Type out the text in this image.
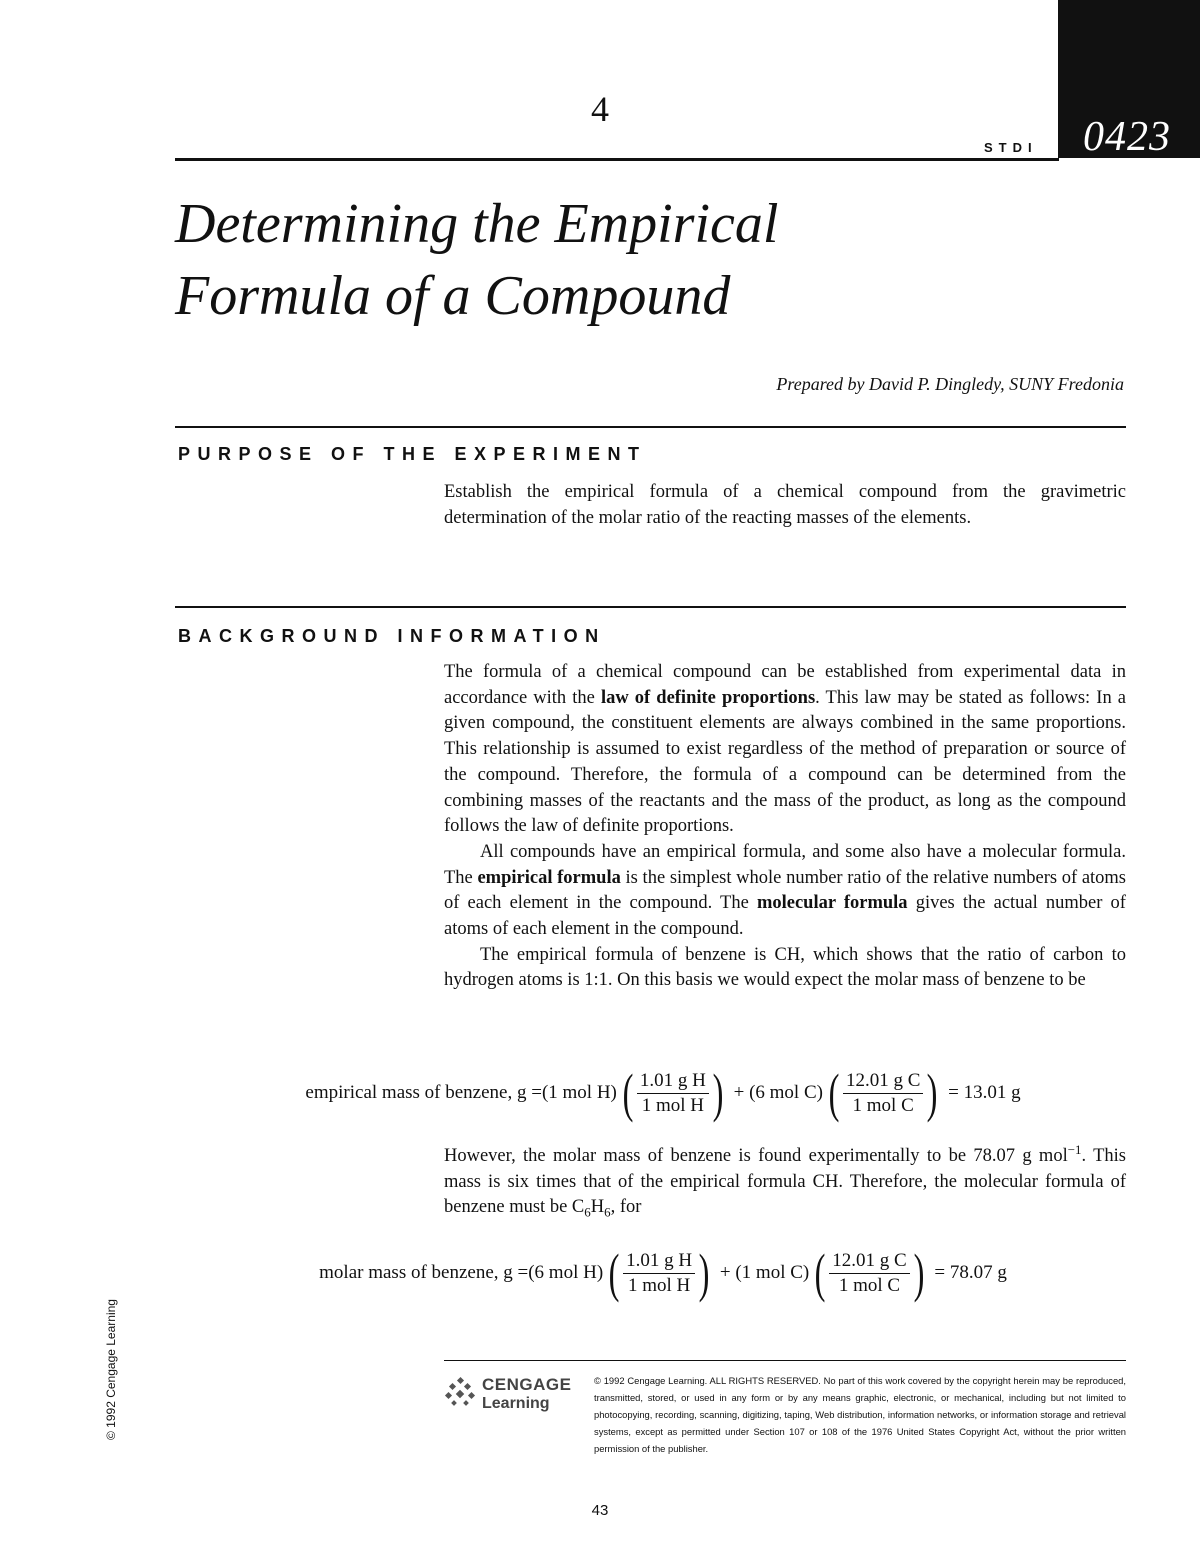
4
0423
STDI
Determining the Empirical
Formula of a Compound
Prepared by David P. Dingledy, SUNY Fredonia
PURPOSE OF THE EXPERIMENT

Establish the empirical formula of a chemical compound from the gravimetric determination of the molar ratio of the reacting masses of the elements.

BACKGROUND INFORMATION

The formula of a chemical compound can be established from experimental data in accordance with the law of definite proportions. This law may be stated as follows: In a given compound, the constituent elements are always combined in the same proportions. This relationship is assumed to exist regardless of the method of preparation or source of the compound. Therefore, the formula of a compound can be determined from the combining masses of the reactants and the mass of the product, as long as the compound follows the law of definite proportions.

All compounds have an empirical formula, and some also have a molecular formula. The empirical formula is the simplest whole number ratio of the relative numbers of atoms of each element in the compound. The molecular formula gives the actual number of atoms of each element in the compound.

The empirical formula of benzene is CH, which shows that the ratio of carbon to hydrogen atoms is 1:1. On this basis we would expect the molar mass of benzene to be

empirical mass of benzene, g = (1 mol H) ( $\frac{\text{1.01 g H}}{\text{1 mol H}}$ ) + (6 mol C) ( $\frac{\text{12.01 g C}}{\text{1 mol C}}$ ) = 13.01 g

However, the molar mass of benzene is found experimentally to be 78.07 g mol$^{-1}$. This mass is six times that of the empirical formula CH. Therefore, the molecular formula of benzene must be $C_6H_6$, for

molar mass of benzene, g = (6 mol H) ( $\frac{\text{1.01 g H}}{\text{1 mol H}}$ ) + (1 mol C) ( $\frac{\text{12.01 g C}}{\text{1 mol C}}$ ) = 78.07 g
© 1992 Cengage Learning	CENGAGE
Learning
© 1992 Cengage Learning. ALL RIGHTS RESERVED. No part of this work covered by the copyright herein may be reproduced, transmitted, stored, or used in any form or by any means graphic, electronic, or mechanical, including but not limited to photocopying, recording, scanning, digitizing, taping, Web distribution, information networks, or information storage and retrieval systems, except as permitted under Section 107 or 108 of the 1976 United States Copyright Act, without the prior written permission of the publisher.
43
